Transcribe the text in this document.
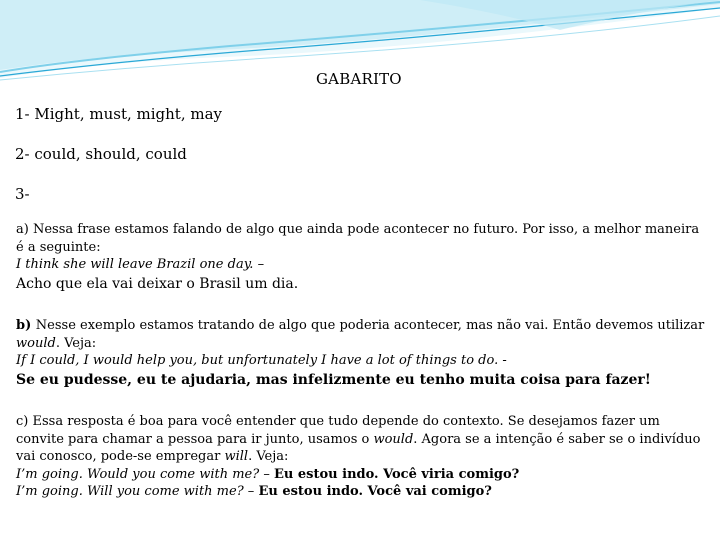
GABARITO
1- Might, must, might, may
2- could, should, could
3-
a) Nessa frase estamos falando de algo que ainda pode acontecer no futuro. Por isso, a melhor maneira é a seguinte:
I think she will leave Brazil one day. –
Acho que ela vai deixar o Brasil um dia.
b) Nesse exemplo estamos tratando de algo que poderia acontecer, mas não vai. Então devemos utilizar would. Veja:
If I could, I would help you, but unfortunately I have a lot of things to do. -
Se eu pudesse, eu te ajudaria, mas infelizmente eu tenho muita coisa para fazer!
c) Essa resposta é boa para você entender que tudo depende do contexto. Se desejamos fazer um convite para chamar a pessoa para ir junto, usamos o would. Agora se a intenção é saber se o indivíduo vai conosco, pode-se empregar will. Veja:
I’m going. Would you come with me? – Eu estou indo. Você viria comigo?
I’m going. Will you come with me? – Eu estou indo. Você vai comigo?
